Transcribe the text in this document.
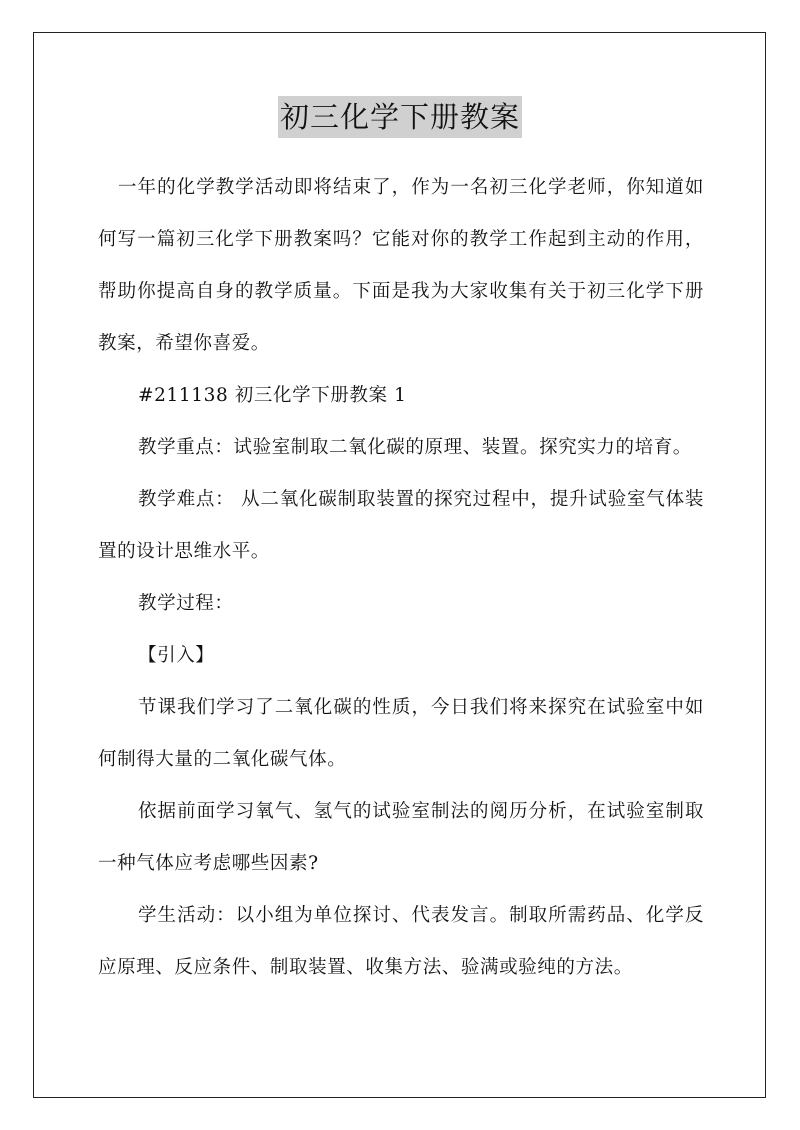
初三化学下册教案

一年的化学教学活动即将结束了，作为一名初三化学老师，你知道如何写一篇初三化学下册教案吗？它能对你的教学工作起到主动的作用，帮助你提高自身的教学质量。下面是我为大家收集有关于初三化学下册教案，希望你喜爱。

#211138 初三化学下册教案 1

教学重点：试验室制取二氧化碳的原理、装置。探究实力的培育。

教学难点： 从二氧化碳制取装置的探究过程中，提升试验室气体装置的设计思维水平。

教学过程：

【引入】

节课我们学习了二氧化碳的性质，今日我们将来探究在试验室中如何制得大量的二氧化碳气体。

依据前面学习氧气、氢气的试验室制法的阅历分析，在试验室制取一种气体应考虑哪些因素?

学生活动：以小组为单位探讨、代表发言。制取所需药品、化学反应原理、反应条件、制取装置、收集方法、验满或验纯的方法。
